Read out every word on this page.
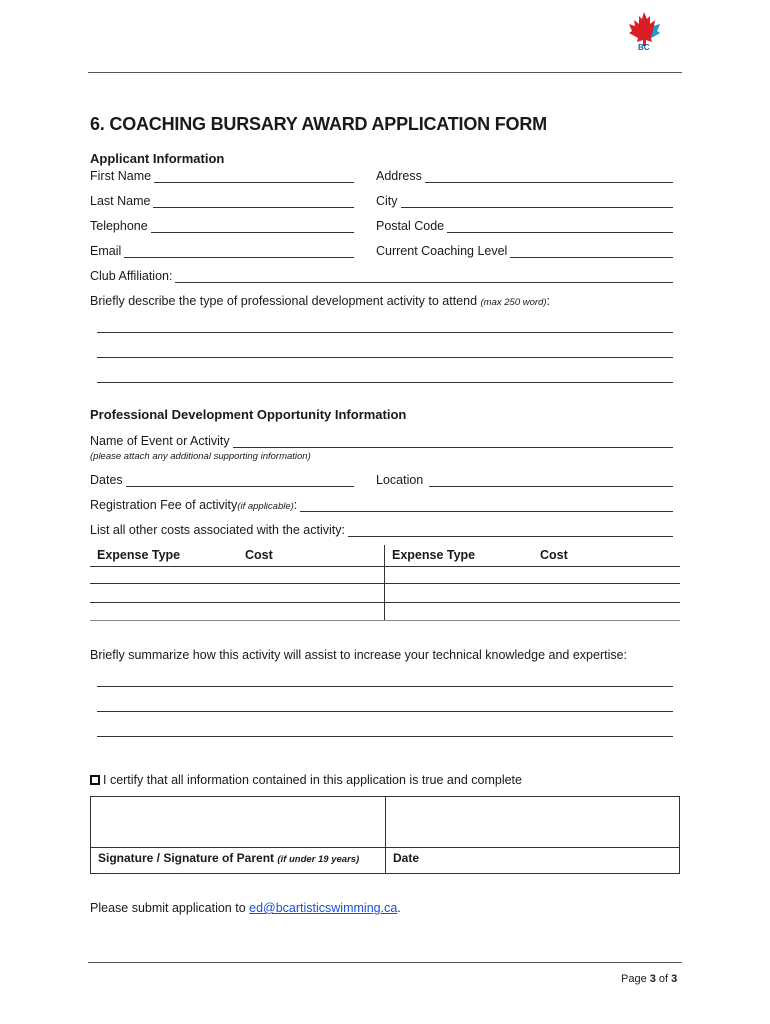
BC
6. COACHING BURSARY AWARD APPLICATION FORM
Applicant Information
First Name	Address
Last Name	City
Telephone	Postal Code
Email	Current Coaching Level
Club Affiliation:
Briefly describe the type of professional development activity to attend (max 250 word):
Professional Development Opportunity Information
Name of Event or Activity
(please attach any additional supporting information)
Dates	Location
Registration Fee of activity (if applicable) :
List all other costs associated with the activity:
Expense Type	Cost	Expense Type	Cost
Briefly summarize how this activity will assist to increase your technical knowledge and expertise:
I certify that all information contained in this application is true and complete
Signature / Signature of Parent (if under 19 years)	Date
Please submit application to ed@bcartisticswimming.ca.
Page 3 of 3
